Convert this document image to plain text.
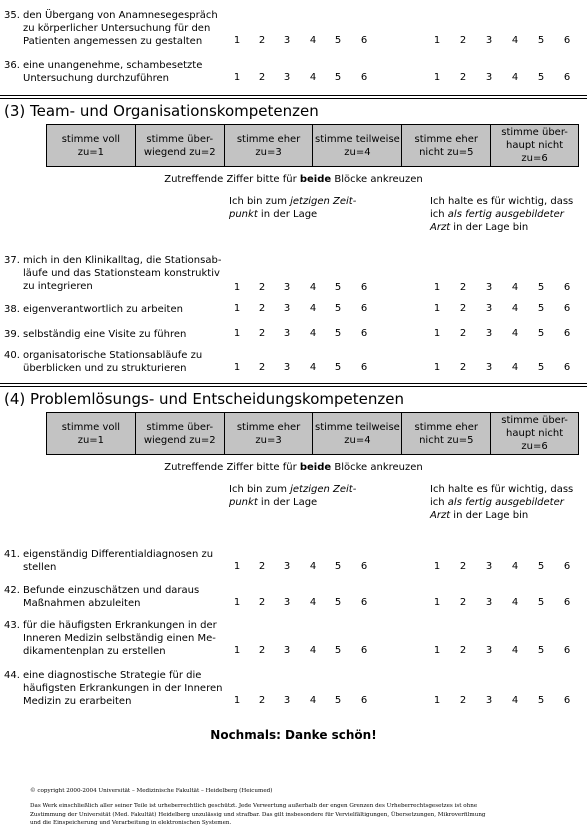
35. den Übergang von Anamnesegespräch
zu körperlicher Untersuchung für den
Patienten angemessen zu gestalten	1 2 3 4 5 6	1 2 3 4 5 6
36. eine unangenehme, schambesetzte
Untersuchung durchzuführen	1 2 3 4 5 6	1 2 3 4 5 6
(3) Team- und Organisationskompetenzen
stimme voll
zu=1

stimme über-
wiegend zu=2

stimme eher
zu=3

stimme teilweise
zu=4

stimme eher
nicht zu=5

stimme über-
haupt nicht
zu=6
Zutreffende Ziffer bitte für beide Blöcke ankreuzen
Ich bin zum jetzigen Zeit-
punkt in der Lage
Ich halte es für wichtig, dass
ich als fertig ausgebildeter
Arzt in der Lage bin
37. mich in den Klinikalltag, die Stationsab-
läufe und das Stationsteam konstruktiv
zu integrieren	1 2 3 4 5 6	1 2 3 4 5 6
38. eigenverantwortlich zu arbeiten	1 2 3 4 5 6	1 2 3 4 5 6
39. selbständig eine Visite zu führen	1 2 3 4 5 6	1 2 3 4 5 6
40. organisatorische Stationsabläufe zu
überblicken und zu strukturieren	1 2 3 4 5 6	1 2 3 4 5 6
(4) Problemlösungs- und Entscheidungskompetenzen
stimme voll
zu=1

stimme über-
wiegend zu=2

stimme eher
zu=3

stimme teilweise
zu=4

stimme eher
nicht zu=5

stimme über-
haupt nicht
zu=6
Zutreffende Ziffer bitte für beide Blöcke ankreuzen
Ich bin zum jetzigen Zeit-
punkt in der Lage
Ich halte es für wichtig, dass
ich als fertig ausgebildeter
Arzt in der Lage bin
41. eigenständig Differentialdiagnosen zu
stellen	1 2 3 4 5 6	1 2 3 4 5 6
42. Befunde einzuschätzen und daraus
Maßnahmen abzuleiten	1 2 3 4 5 6	1 2 3 4 5 6
43. für die häufigsten Erkrankungen in der
Inneren Medizin selbständig einen Me-
dikamentenplan zu erstellen	1 2 3 4 5 6	1 2 3 4 5 6
44. eine diagnostische Strategie für die
häufigsten Erkrankungen in der Inneren
Medizin zu erarbeiten	1 2 3 4 5 6	1 2 3 4 5 6
Nochmals: Danke schön!
© copyright 2000-2004 Universität – Medizinische Fakultät – Heidelberg (Heicumed)
Das Werk einschließlich aller seiner Teile ist urheberrechtlich geschützt. Jede Verwertung außerhalb der engen Grenzen des Urheberrechtsgesetzes ist ohne
Zustimmung der Universität (Med. Fakultät) Heidelberg unzulässig und strafbar. Das gilt insbesondere für Vervielfältigungen, Übersetzungen, Mikroverfilmung
und die Einspeicherung und Verarbeitung in elektronischen Systemen.
